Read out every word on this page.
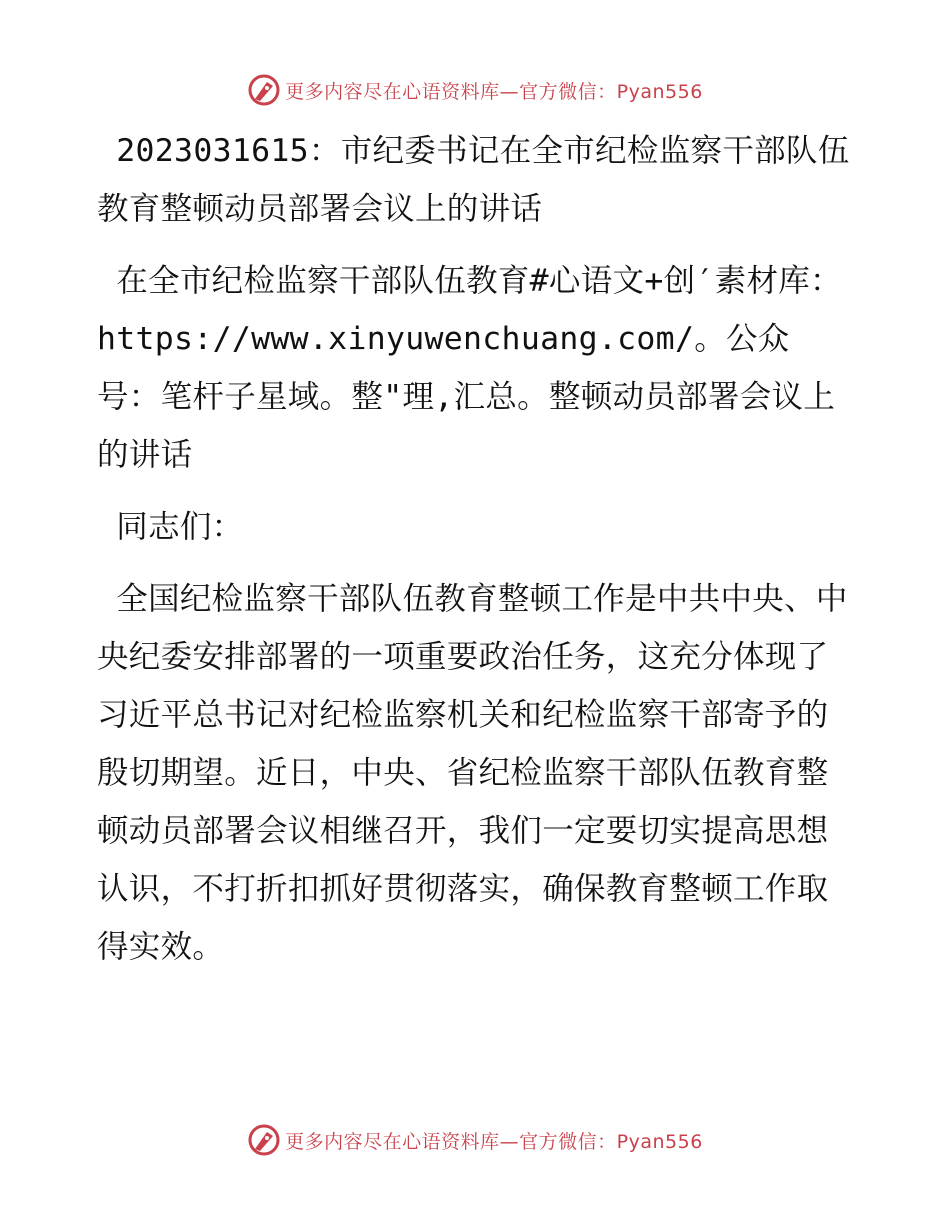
更多内容尽在心语资料库—官方微信：Pyan556

2023031615：市纪委书记在全市纪检监察干部队伍教育整顿动员部署会议上的讲话

在全市纪检监察干部队伍教育#心语文+创′素材库：https://www.xinyuwenchuang.com/。公众号：笔杆子星域。整"理,汇总。整顿动员部署会议上的讲话

同志们：

全国纪检监察干部队伍教育整顿工作是中共中央、中央纪委安排部署的一项重要政治任务，这充分体现了习近平总书记对纪检监察机关和纪检监察干部寄予的殷切期望。近日，中央、省纪检监察干部队伍教育整顿动员部署会议相继召开，我们一定要切实提高思想认识，不打折扣抓好贯彻落实，确保教育整顿工作取得实效。

更多内容尽在心语资料库—官方微信：Pyan556
